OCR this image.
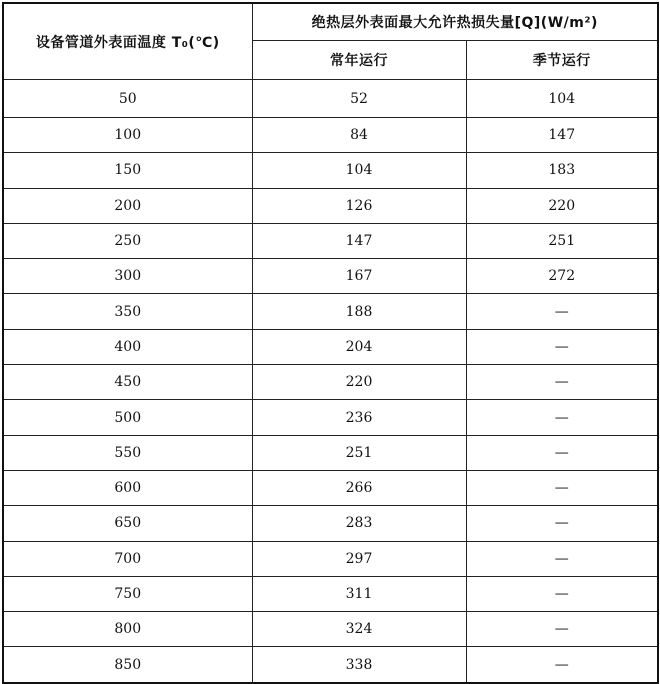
设备管道外表面温度 T₀(℃)	绝热层外表面最大允许热损失量[Q](W/m²)	
	常年运行	季节运行
50	52	104
100	84	147
150	104	183
200	126	220
250	147	251
300	167	272
350	188	—
400	204	—
450	220	—
500	236	—
550	251	—
600	266	—
650	283	—
700	297	—
750	311	—
800	324	—
850	338	—
